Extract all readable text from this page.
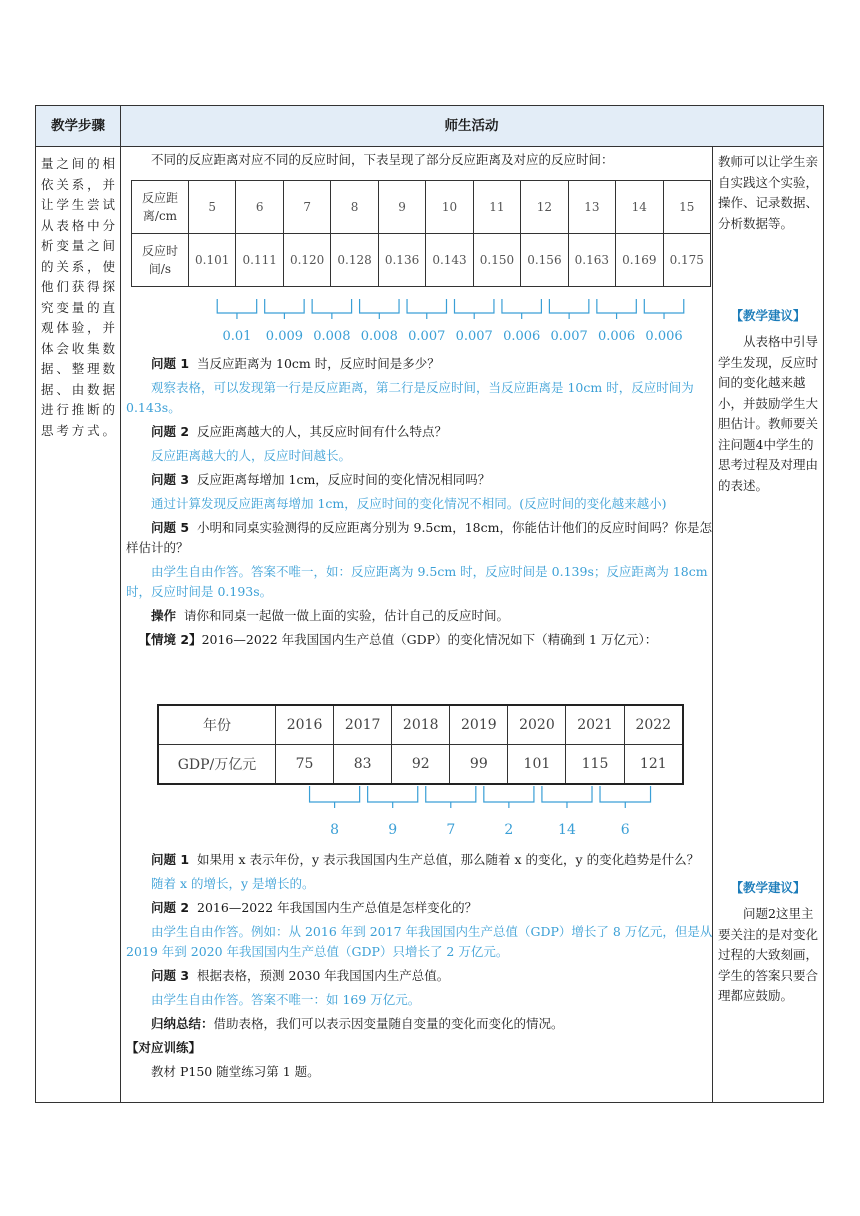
教学步骤	师生活动
量之间的相依关系，并让学生尝试从表格中分析变量之间的关系，使他们获得探究变量的直观体验，并体会收集数据、整理数据、由数据进行推断的思考方式。
教师可以让学生亲自实践这个实验，操作、记录数据、分析数据等。
【教学建议】
从表格中引导学生发现，反应时间的变化越来越小，并鼓励学生大胆估计。教师要关注问题4中学生的思考过程及对理由的表述。
【教学建议】
问题2这里主要关注的是对变化过程的大致刻画，学生的答案只要合理都应鼓励。
不同的反应距离对应不同的反应时间，下表呈现了部分反应距离及对应的反应时间：
反应距离/cm	5	6	7	8	9	10	11	12	13	14	15
反应时间/s	0.101	0.111	0.120	0.128	0.136	0.143	0.150	0.156	0.163	0.169	0.175
0.01 0.009 0.008 0.008 0.007 0.007 0.006 0.007 0.006 0.006

问题 1 当反应距离为 10cm 时，反应时间是多少？

观察表格，可以发现第一行是反应距离，第二行是反应时间，当反应距离是 10cm 时，反应时间为 0.143s。

问题 2 反应距离越大的人，其反应时间有什么特点？

反应距离越大的人，反应时间越长。

问题 3 反应距离每增加 1cm，反应时间的变化情况相同吗？

通过计算发现反应距离每增加 1cm，反应时间的变化情况不相同。(反应时间的变化越来越小)

问题 5 小明和同桌实验测得的反应距离分别为 9.5cm，18cm，你能估计他们的反应时间吗？你是怎样估计的？

由学生自由作答。答案不唯一，如：反应距离为 9.5cm 时，反应时间是 0.139s；反应距离为 18cm 时，反应时间是 0.193s。

操作 请你和同桌一起做一做上面的实验，估计自己的反应时间。

【情境 2】2016—2022 年我国国内生产总值（GDP）的变化情况如下（精确到 1 万亿元）：

年份	2016	2017	2018	2019	2020	2021	2022
GDP/万亿元	75	83	92	99	101	115	121
8	9	7	2	14	6

问题 1 如果用 x 表示年份，y 表示我国国内生产总值，那么随着 x 的变化，y 的变化趋势是什么？

随着 x 的增长，y 是增长的。

问题 2 2016—2022 年我国国内生产总值是怎样变化的？

由学生自由作答。例如：从 2016 年到 2017 年我国国内生产总值（GDP）增长了 8 万亿元，但是从 2019 年到 2020 年我国国内生产总值（GDP）只增长了 2 万亿元。

问题 3 根据表格，预测 2030 年我国国内生产总值。

由学生自由作答。答案不唯一：如 169 万亿元。

归纳总结：借助表格，我们可以表示因变量随自变量的变化而变化的情况。

【对应训练】

教材 P150 随堂练习第 1 题。
